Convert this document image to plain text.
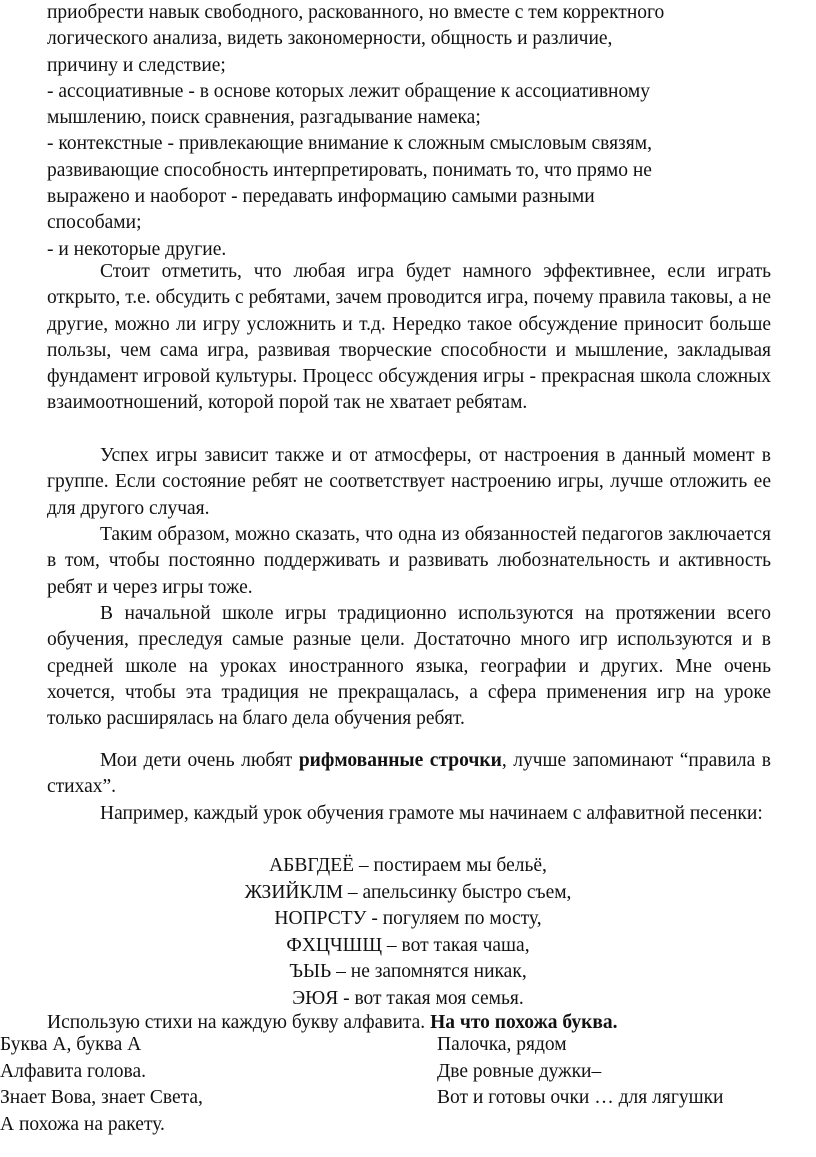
приобрести навык свободного, раскованного, но вместе с тем корректного
логического анализа, видеть закономерности, общность и различие,
причину и следствие;
- ассоциативные - в основе которых лежит обращение к ассоциативному
мышлению, поиск сравнения, разгадывание намека;
- контекстные - привлекающие внимание к сложным смысловым связям,
развивающие способность интерпретировать, понимать то, что прямо не
выражено и наоборот - передавать информацию самыми разными
способами;
- и некоторые другие.
Стоит отметить, что любая игра будет намного эффективнее, если играть открыто, т.е. обсудить с ребятами, зачем проводится игра, почему правила таковы, а не другие, можно ли игру усложнить и т.д. Нередко такое обсуждение приносит больше пользы, чем сама игра, развивая творческие способности и мышление, закладывая фундамент игровой культуры. Процесс обсуждения игры - прекрасная школа сложных взаимоотношений, которой порой так не хватает ребятам.
Успех игры зависит также и от атмосферы, от настроения в данный момент в группе. Если состояние ребят не соответствует настроению игры, лучше отложить ее для другого случая.
Таким образом, можно сказать, что одна из обязанностей педагогов заключается в том, чтобы постоянно поддерживать и развивать любознательность и активность ребят и через игры тоже.
В начальной школе игры традиционно используются на протяжении всего обучения, преследуя самые разные цели. Достаточно много игр используются и в средней школе на уроках иностранного языка, географии и других. Мне очень хочется, чтобы эта традиция не прекращалась, а сфера применения игр на уроке только расширялась на благо дела обучения ребят.
Мои дети очень любят рифмованные строчки, лучше запоминают “правила в стихах”.
Например, каждый урок обучения грамоте мы начинаем с алфавитной песенки:
АБВГДЕЁ – постираем мы бельё,
ЖЗИЙКЛМ – апельсинку быстро съем,
НОПРСТУ - погуляем по мосту,
ФХЦЧШЩ – вот такая чаша,
ЪЫЬ – не запомнятся никак,
ЭЮЯ - вот такая моя семья.
Использую стихи на каждую букву алфавита. На что похожа буква.
Буква А, буква А
Алфавита голова.
Знает Вова, знает Света,
А похожа на ракету.
Палочка, рядом
Две ровные дужки–
Вот и готовы очки … для лягушки
